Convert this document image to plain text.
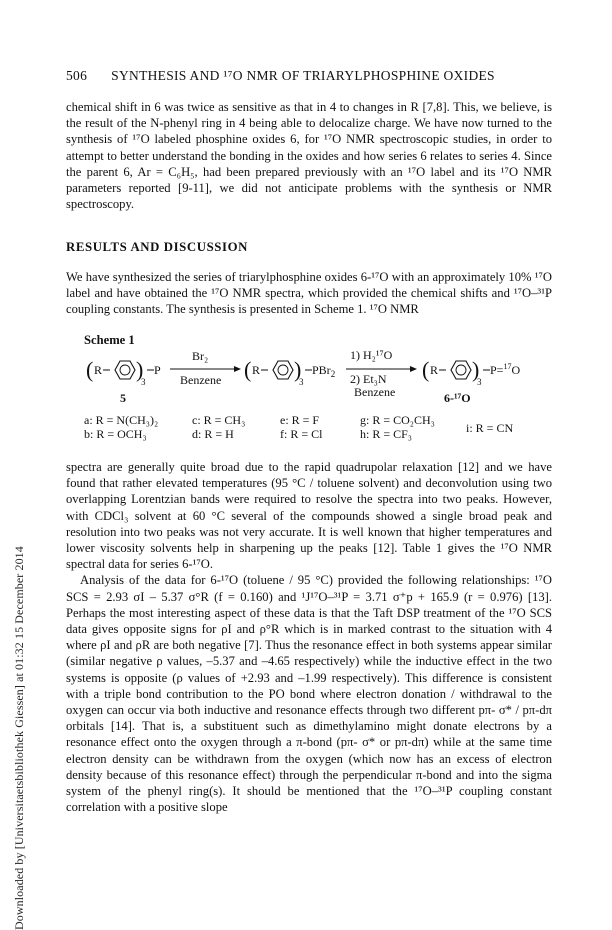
Downloaded by [Universitaetsbibliothek Giessen] at 01:32 15 December 2014
506 SYNTHESIS AND ¹⁷O NMR OF TRIARYLPHOSPHINE OXIDES

chemical shift in 6 was twice as sensitive as that in 4 to changes in R [7,8]. This, we believe, is the result of the N-phenyl ring in 4 being able to delocalize charge. We have now turned to the synthesis of ¹⁷O labeled phosphine oxides 6, for ¹⁷O NMR spectroscopic studies, in order to attempt to better understand the bonding in the oxides and how series 6 relates to series 4. Since the parent 6, Ar = C₆H₅, had been prepared previously with an ¹⁷O label and its ¹⁷O NMR parameters reported [9-11], we did not anticipate problems with the synthesis or NMR spectroscopy.

RESULTS AND DISCUSSION

We have synthesized the series of triarylphosphine oxides 6-¹⁷O with an approximately 10% ¹⁷O label and have obtained the ¹⁷O NMR spectra, which provided the chemical shifts and ¹⁷O–³¹P coupling constants. The synthesis is presented in Scheme 1. ¹⁷O NMR

Scheme 1
( R )
3
P
5
Br₂
Benzene ( R )
3
PBr$_2$
1) H₂¹⁷O
2) Et₃N
Benzene
( R )
3
P=$^{17}$O
6-¹⁷O
a: R = N(CH₃)₂
b: R = OCH₃
c: R = CH₃
d: R = H
e: R = F
f: R = Cl
g: R = CO₂CH₃
h: R = CF₃	i: R = CN

spectra are generally quite broad due to the rapid quadrupolar relaxation [12] and we have found that rather elevated temperatures (95 °C / toluene solvent) and deconvolution using two overlapping Lorentzian bands were required to resolve the spectra into two peaks. However, with CDCl₃ solvent at 60 °C several of the compounds showed a single broad peak and resolution into two peaks was not very accurate. It is well known that higher temperatures and lower viscosity solvents help in sharpening up the peaks [12]. Table 1 gives the ¹⁷O NMR spectral data for series 6-¹⁷O.

Analysis of the data for 6-¹⁷O (toluene / 95 °C) provided the following relationships: ¹⁷O SCS = 2.93 σI – 5.37 σ°R (f = 0.160) and ¹J¹⁷O–³¹P = 3.71 σ⁺p + 165.9 (r = 0.976) [13]. Perhaps the most interesting aspect of these data is that the Taft DSP treatment of the ¹⁷O SCS data gives opposite signs for ρI and ρ°R which is in marked contrast to the situation with 4 where ρI and ρR are both negative [7]. Thus the resonance effect in both systems appear similar (similar negative ρ values, –5.37 and –4.65 respectively) while the inductive effect in the two systems is opposite (ρ values of +2.93 and –1.99 respectively). This difference is consistent with a triple bond contribution to the PO bond where electron donation / withdrawal to the oxygen can occur via both inductive and resonance effects through two different pπ- σ* / pπ-dπ orbitals [14]. That is, a substituent such as dimethylamino might donate electrons by a resonance effect onto the oxygen through a π-bond (pπ- σ* or pπ-dπ) while at the same time electron density can be withdrawn from the oxygen (which now has an excess of electron density because of this resonance effect) through the perpendicular π-bond and into the sigma system of the phenyl ring(s). It should be mentioned that the ¹⁷O–³¹P coupling constant correlation with a positive slope
